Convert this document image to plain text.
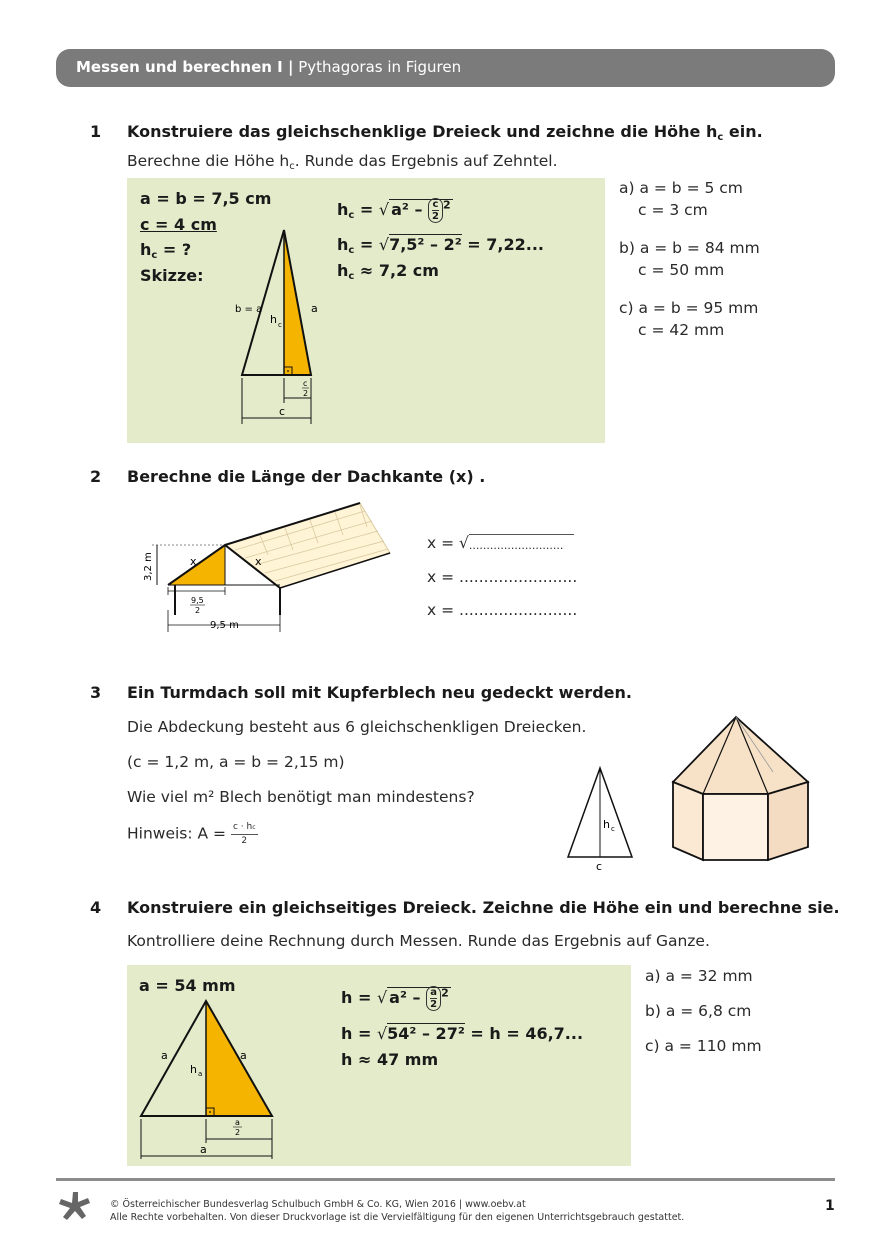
Messen und berechnen I | Pythagoras in Figuren
1 Konstruiere das gleichschenklige Dreieck und zeichne die Höhe $h_c$ ein.
Berechne die Höhe $h_c$. Runde das Ergebnis auf Zehntel.
a = b = 7,5 cm
c = 4 cm
$h_c$ = ?
Skizze:
$h_c$ = √ $a^2 - \frac{c}{2} ^2$
$h_c = √7,5^2 - 2^2 = 7,22$...
$h_c \approx 7,2$ cm
b = a	a
h c
c
2
c
a) a = b = 5 cm
c = 3 cm
b) a = b = 84 mm
c = 50 mm
c) a = b = 95 mm
c = 42 mm
2 Berechne die Länge der Dachkante (x) .
3,2 m	x	x
9,5
2
9,5 m
x = √...........................
x = ........................
x = ........................
3 Ein Turmdach soll mit Kupferblech neu gedeckt werden.
Die Abdeckung besteht aus 6 gleichschenkligen Dreiecken.
(c = 1,2 m, a = b = 2,15 m)
Wie viel m² Blech benötigt man mindestens?
Hinweis: $A = \frac{c \cdot hc}{2}$	h c
c
4 Konstruiere ein gleichseitiges Dreieck. Zeichne die Höhe ein und berechne sie.
Kontrolliere deine Rechnung durch Messen. Runde das Ergebnis auf Ganze.
a = 54 mm
h = √ $a^2 - \frac{a}{2} ^2$
h = √54² – 27² = h = 46,7...
h ≈ 47 mm
a	a
h a
a
2
a
a) a = 32 mm
b) a = 6,8 cm
c) a = 110 mm
© Österreichischer Bundesverlag Schulbuch GmbH & Co. KG, Wien 2016 | www.oebv.at
Alle Rechte vorbehalten. Von dieser Druckvorlage ist die Vervielfältigung für den eigenen Unterrichtsgebrauch gestattet.
1
